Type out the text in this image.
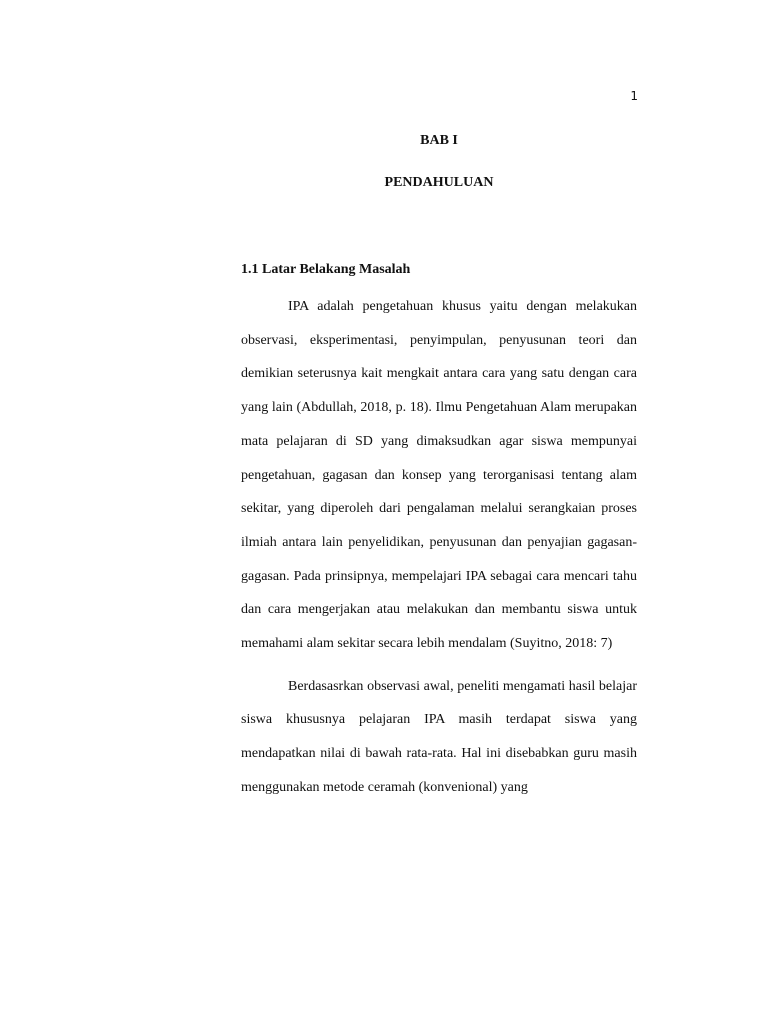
1
BAB I
PENDAHULUAN
1.1 Latar Belakang Masalah

IPA adalah pengetahuan khusus yaitu dengan melakukan observasi, eksperimentasi, penyimpulan, penyusunan teori dan demikian seterusnya kait mengkait antara cara yang satu dengan cara yang lain (Abdullah, 2018, p. 18). Ilmu Pengetahuan Alam merupakan mata pelajaran di SD yang dimaksudkan agar siswa mempunyai pengetahuan, gagasan dan konsep yang terorganisasi tentang alam sekitar, yang diperoleh dari pengalaman melalui serangkaian proses ilmiah antara lain penyelidikan, penyusunan dan penyajian gagasan-gagasan. Pada prinsipnya, mempelajari IPA sebagai cara mencari tahu dan cara mengerjakan atau melakukan dan membantu siswa untuk memahami alam sekitar secara lebih mendalam (Suyitno, 2018: 7)

Berdasasrkan observasi awal, peneliti mengamati hasil belajar siswa khususnya pelajaran IPA masih terdapat siswa yang mendapatkan nilai di bawah rata-rata. Hal ini disebabkan guru masih menggunakan metode ceramah (konvenional) yang
